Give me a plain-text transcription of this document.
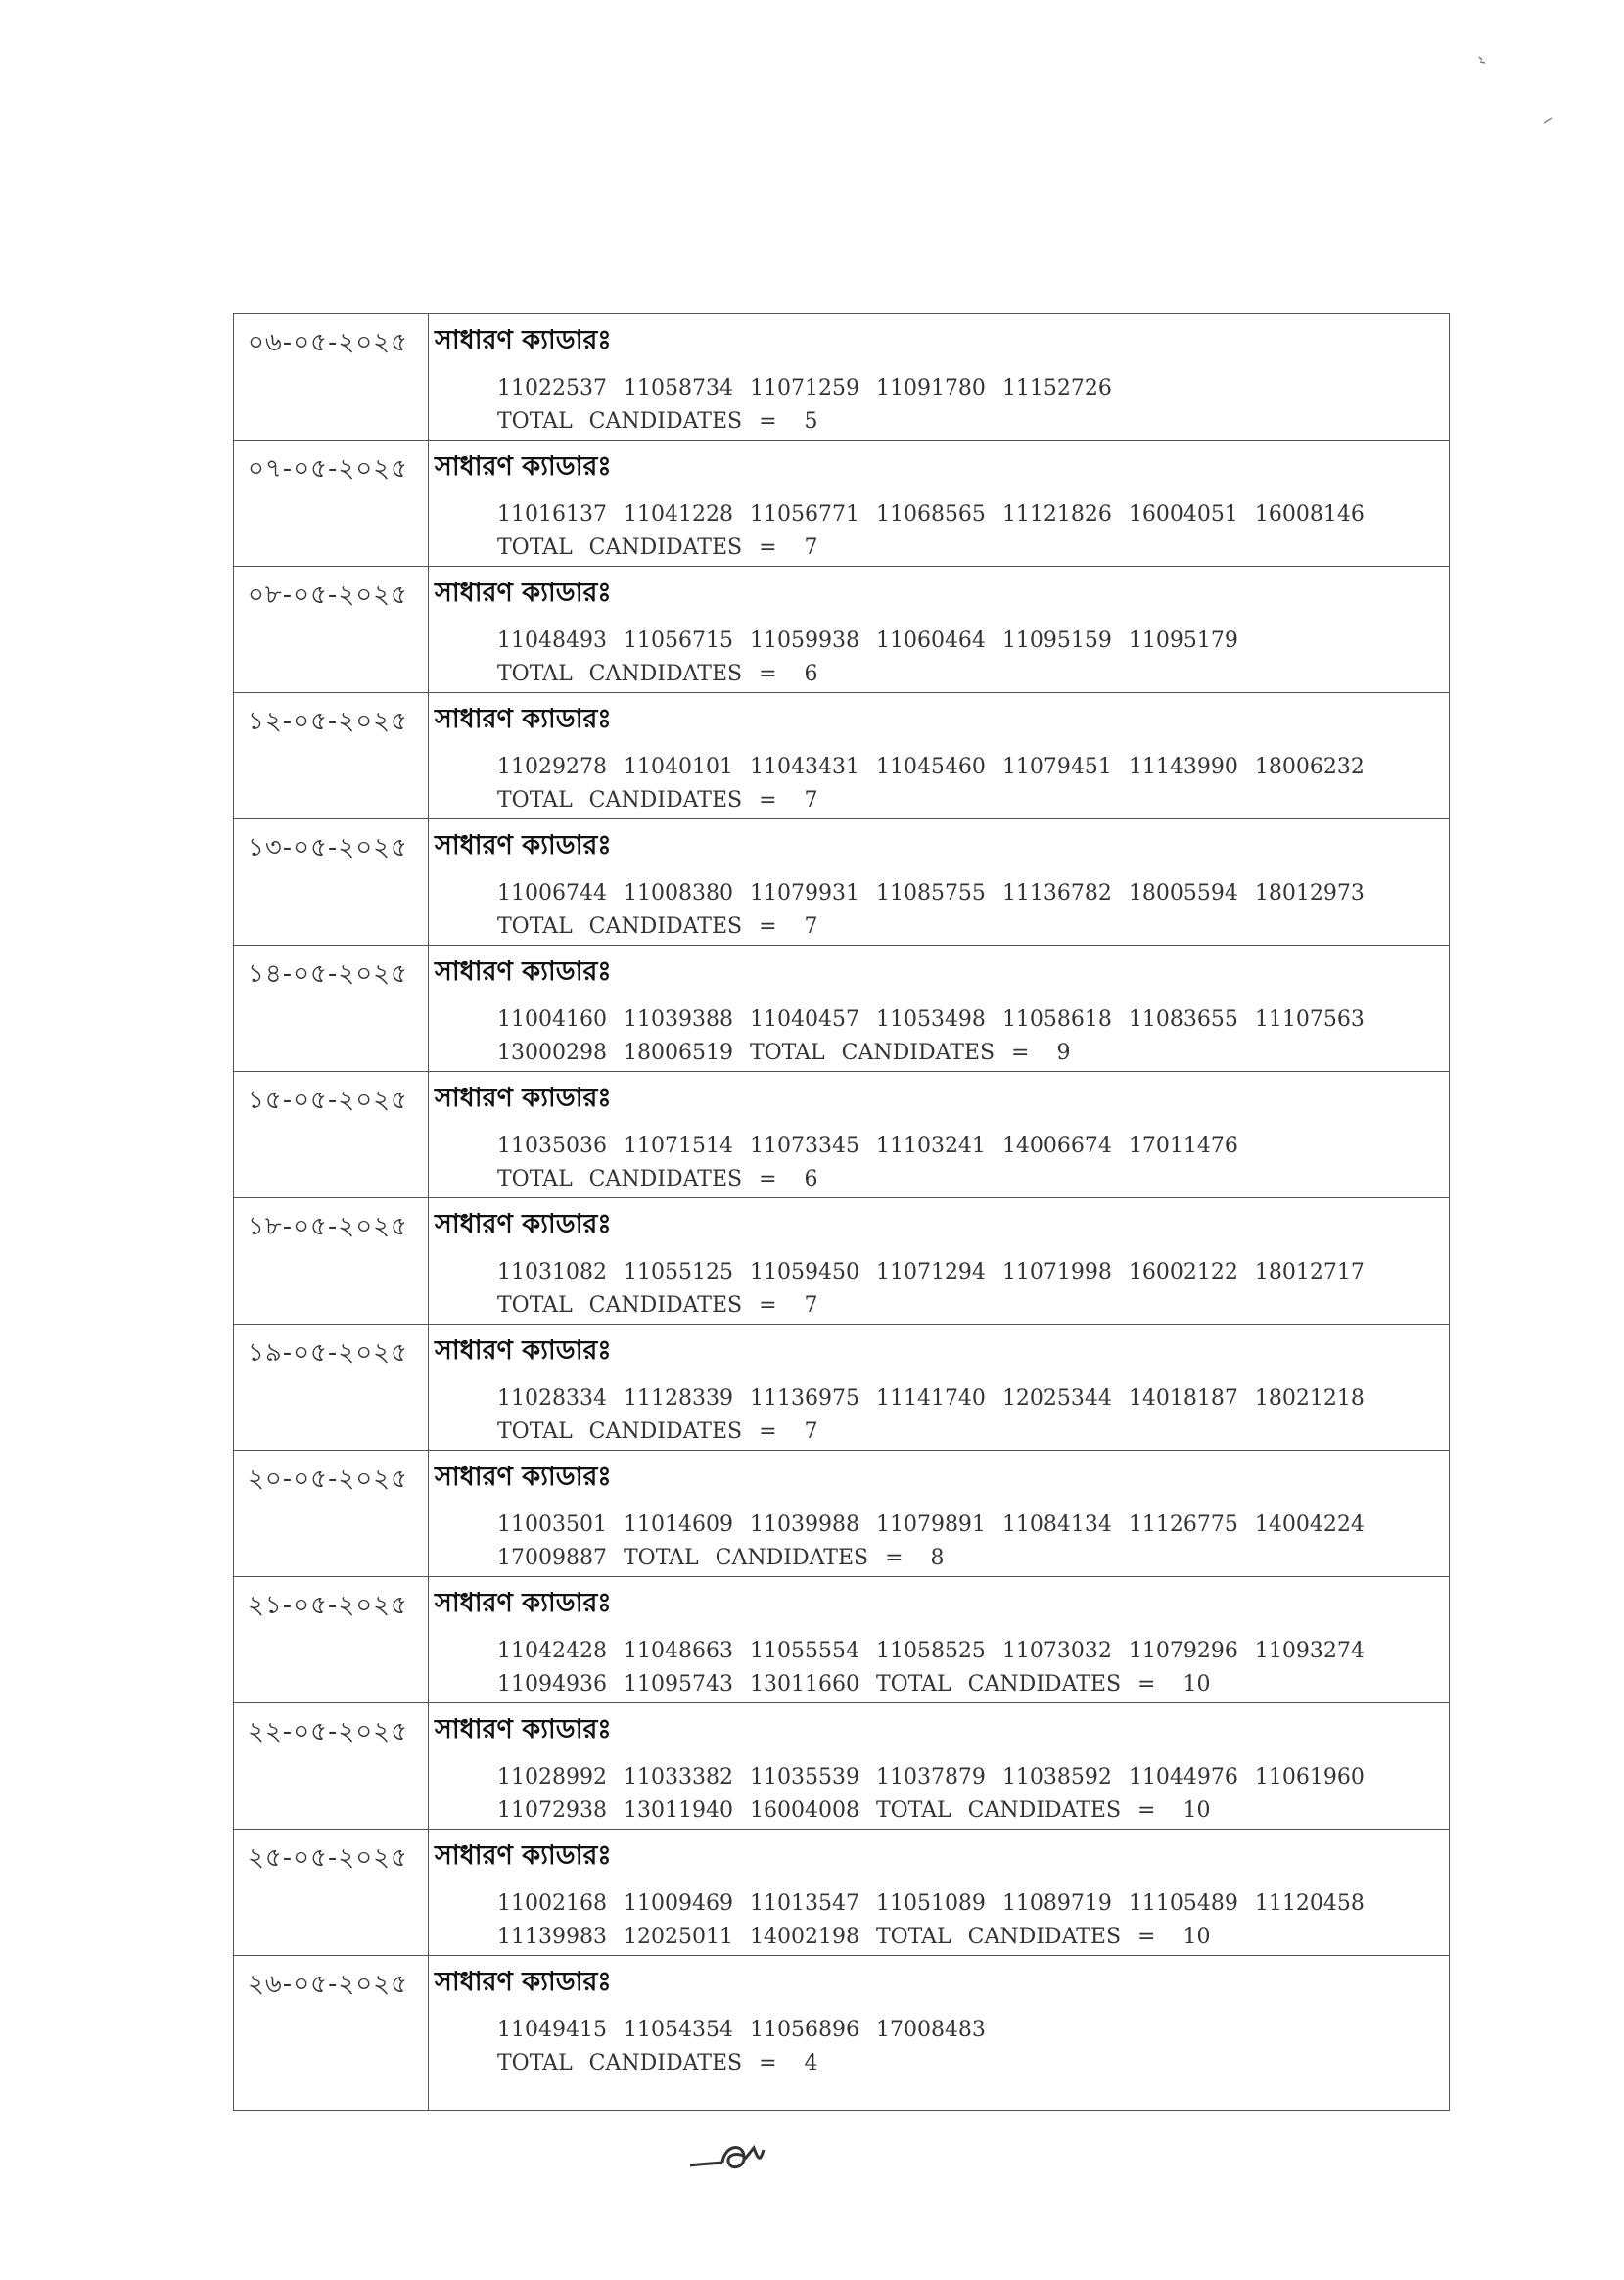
০৬-০৫-২০২৫	সাধারণ ক্যাডারঃ
11022537 11058734 11071259 11091780 11152726
TOTAL CANDIDATES = 5

০৭-০৫-২০২৫	সাধারণ ক্যাডারঃ
11016137 11041228 11056771 11068565 11121826 16004051 16008146
TOTAL CANDIDATES = 7

০৮-০৫-২০২৫	সাধারণ ক্যাডারঃ
11048493 11056715 11059938 11060464 11095159 11095179
TOTAL CANDIDATES = 6

১২-০৫-২০২৫	সাধারণ ক্যাডারঃ
11029278 11040101 11043431 11045460 11079451 11143990 18006232
TOTAL CANDIDATES = 7

১৩-০৫-২০২৫	সাধারণ ক্যাডারঃ
11006744 11008380 11079931 11085755 11136782 18005594 18012973
TOTAL CANDIDATES = 7

১৪-০৫-২০২৫	সাধারণ ক্যাডারঃ
11004160 11039388 11040457 11053498 11058618 11083655 11107563 13000298 18006519 TOTAL CANDIDATES = 9

১৫-০৫-২০২৫	সাধারণ ক্যাডারঃ
11035036 11071514 11073345 11103241 14006674 17011476
TOTAL CANDIDATES = 6

১৮-০৫-২০২৫	সাধারণ ক্যাডারঃ
11031082 11055125 11059450 11071294 11071998 16002122 18012717
TOTAL CANDIDATES = 7

১৯-০৫-২০২৫	সাধারণ ক্যাডারঃ
11028334 11128339 11136975 11141740 12025344 14018187 18021218
TOTAL CANDIDATES = 7

২০-০৫-২০২৫	সাধারণ ক্যাডারঃ
11003501 11014609 11039988 11079891 11084134 11126775 14004224 17009887 TOTAL CANDIDATES = 8

২১-০৫-২০২৫	সাধারণ ক্যাডারঃ
11042428 11048663 11055554 11058525 11073032 11079296 11093274 11094936 11095743 13011660 TOTAL CANDIDATES = 10

২২-০৫-২০২৫	সাধারণ ক্যাডারঃ
11028992 11033382 11035539 11037879 11038592 11044976 11061960 11072938 13011940 16004008 TOTAL CANDIDATES = 10

২৫-০৫-২০২৫	সাধারণ ক্যাডারঃ
11002168 11009469 11013547 11051089 11089719 11105489 11120458 11139983 12025011 14002198 TOTAL CANDIDATES = 10

২৬-০৫-২০২৫	সাধারণ ক্যাডারঃ
11049415 11054354 11056896 17008483
TOTAL CANDIDATES = 4
